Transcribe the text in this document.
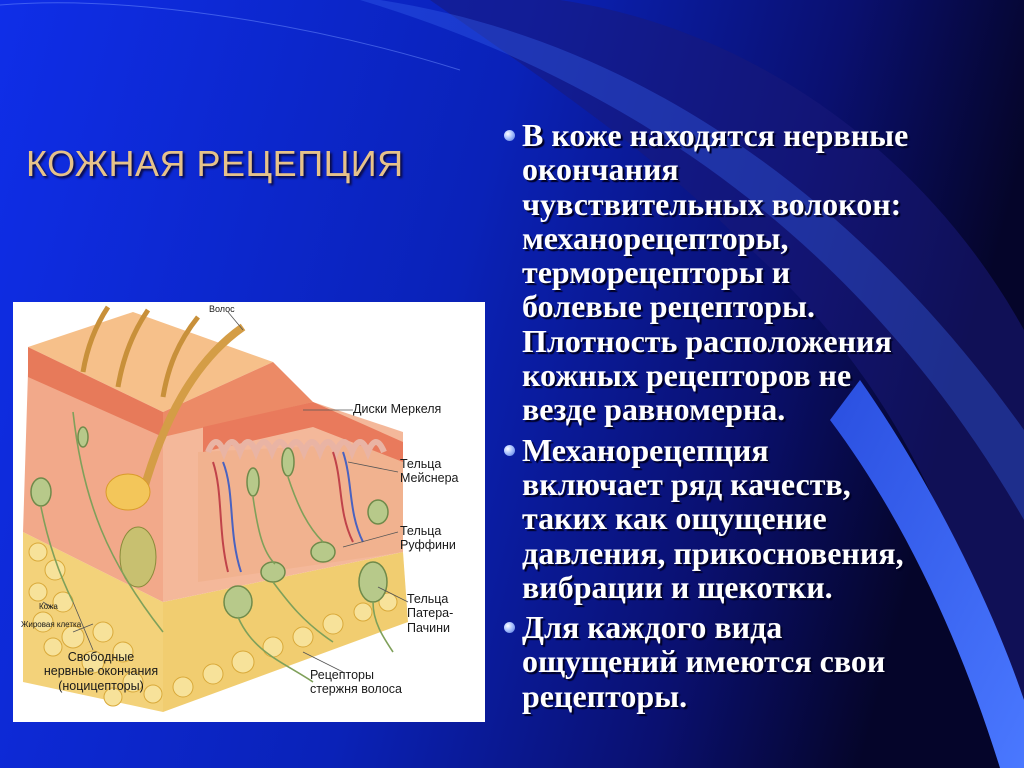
КОЖНАЯ РЕЦЕПЦИЯ
В коже находятся нервные окончания
чувствительных волокон:
механорецепторы,
терморецепторы и
болевые рецепторы.
Плотность расположения
кожных рецепторов не
везде равномерна.
Механорецепция
включает ряд качеств,
таких как ощущение
давления, прикосновения,
вибрации и щекотки.
Для каждого вида
ощущений имеются свои
рецепторы.
Волос
Диски Меркеля
Тельца
Мейснера
Тельца
Руффини
Тельца
Патера-
Пачини
Рецепторы
стержня волоса
Кожа
Жировая клетка
Свободные
нервные окончания
(ноцицепторы)
